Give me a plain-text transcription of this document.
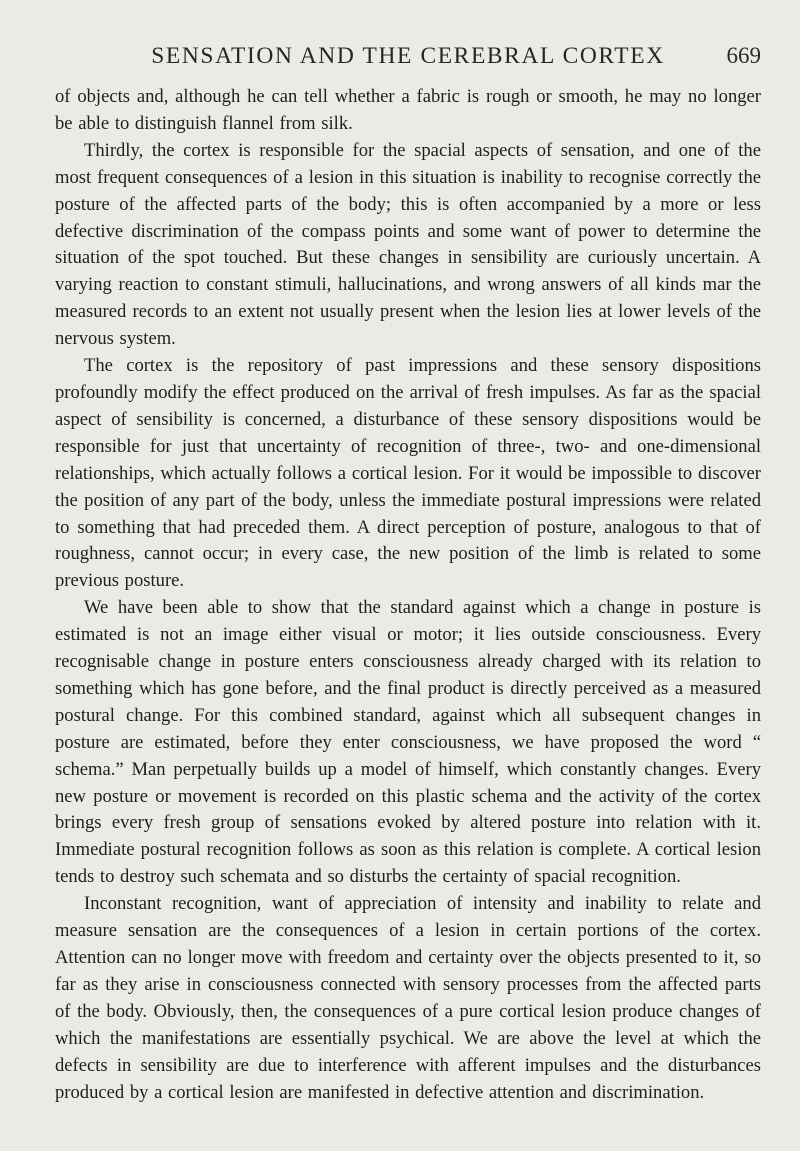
SENSATION AND THE CEREBRAL CORTEX	669

of objects and, although he can tell whether a fabric is rough or smooth, he may no longer be able to distinguish flannel from silk.

Thirdly, the cortex is responsible for the spacial aspects of sensation, and one of the most frequent consequences of a lesion in this situation is inability to recognise correctly the posture of the affected parts of the body; this is often accompanied by a more or less defective discrimination of the compass points and some want of power to determine the situation of the spot touched. But these changes in sensibility are curiously uncertain. A varying reaction to constant stimuli, hallucinations, and wrong answers of all kinds mar the measured records to an extent not usually present when the lesion lies at lower levels of the nervous system.

The cortex is the repository of past impressions and these sensory dispositions profoundly modify the effect produced on the arrival of fresh impulses. As far as the spacial aspect of sensibility is concerned, a disturbance of these sensory dispositions would be responsible for just that uncertainty of recognition of three-, two- and one-dimensional relationships, which actually follows a cortical lesion. For it would be impossible to discover the position of any part of the body, unless the immediate postural impressions were related to something that had preceded them. A direct perception of posture, analogous to that of roughness, cannot occur; in every case, the new position of the limb is related to some previous posture.

We have been able to show that the standard against which a change in posture is estimated is not an image either visual or motor; it lies outside consciousness. Every recognisable change in posture enters consciousness already charged with its relation to something which has gone before, and the final product is directly perceived as a measured postural change. For this combined standard, against which all subsequent changes in posture are estimated, before they enter consciousness, we have proposed the word “ schema.” Man perpetually builds up a model of himself, which constantly changes. Every new posture or movement is recorded on this plastic schema and the activity of the cortex brings every fresh group of sensations evoked by altered posture into relation with it. Immediate postural recognition follows as soon as this relation is complete. A cortical lesion tends to destroy such schemata and so disturbs the certainty of spacial recognition.

Inconstant recognition, want of appreciation of intensity and inability to relate and measure sensation are the consequences of a lesion in certain portions of the cortex. Attention can no longer move with freedom and certainty over the objects presented to it, so far as they arise in consciousness connected with sensory processes from the affected parts of the body. Obviously, then, the consequences of a pure cortical lesion produce changes of which the manifestations are essentially psychical. We are above the level at which the defects in sensibility are due to interference with afferent impulses and the disturbances produced by a cortical lesion are manifested in defective attention and discrimination.
